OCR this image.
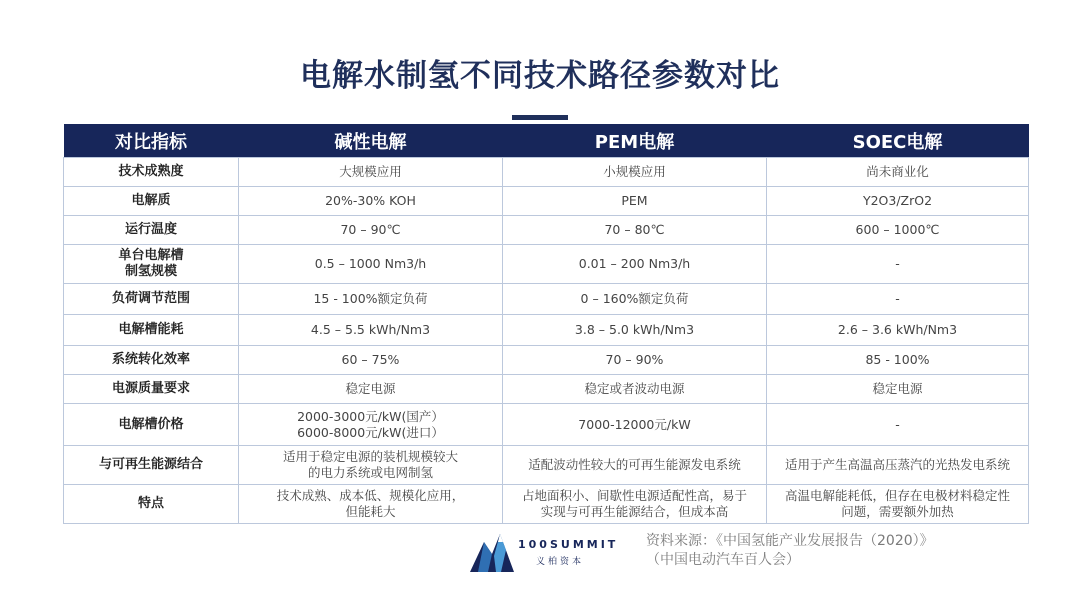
电解水制氢不同技术路径参数对比
对比指标	碱性电解	PEM电解	SOEC电解

技术成熟度	大规模应用	小规模应用	尚未商业化

电解质	20%-30% KOH	PEM	Y2O3/ZrO2

运行温度	70 – 90℃	70 – 80℃	600 – 1000℃

单台电解槽
制氢规模	0.5 – 1000 Nm3/h	0.01 – 200 Nm3/h	-

负荷调节范围	15 - 100%额定负荷	0 – 160%额定负荷	-

电解槽能耗	4.5 – 5.5 kWh/Nm3	3.8 – 5.0 kWh/Nm3	2.6 – 3.6 kWh/Nm3

系统转化效率	60 – 75%	70 – 90%	85 - 100%

电源质量要求	稳定电源	稳定或者波动电源	稳定电源

电解槽价格	2000-3000元/kW(国产）
6000-8000元/kW(进口）	7000-12000元/kW	-

与可再生能源结合	适用于稳定电源的装机规模较大
的电力系统或电网制氢	适配波动性较大的可再生能源发电系统	适用于产生高温高压蒸汽的光热发电系统

特点	技术成熟、成本低、规模化应用，
但能耗大	占地面积小、间歇性电源适配性高，易于
实现与可再生能源结合，但成本高	高温电解能耗低，但存在电极材料稳定性
问题，需要额外加热
100SUMMIT
义柏资本
资料来源：《中国氢能产业发展报告（2020）》
（中国电动汽车百人会）
